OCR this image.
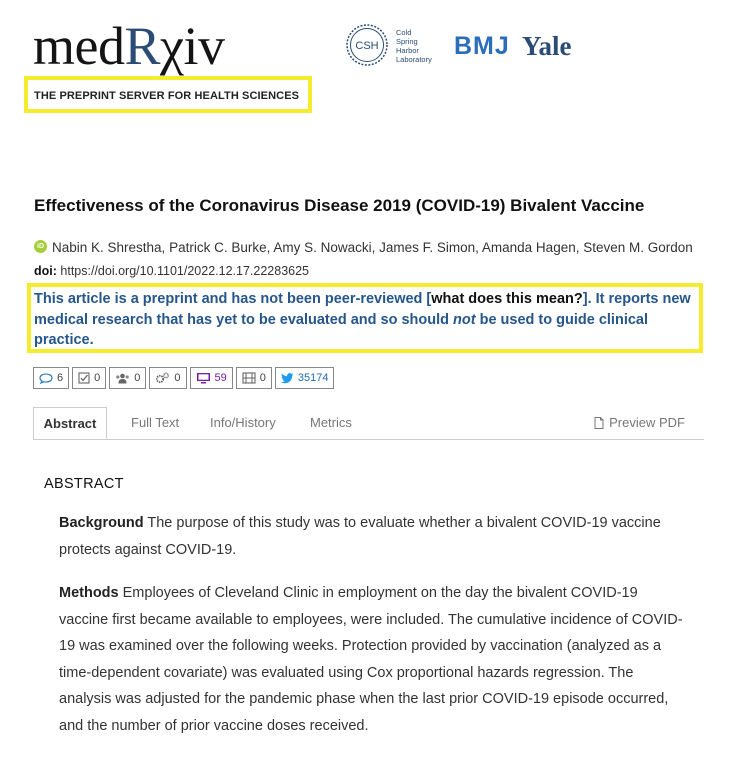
medRχiv
THE PREPRINT SERVER FOR HEALTH SCIENCES
CSH
Cold
Spring
Harbor
Laboratory BMJ Yale
Effectiveness of the Coronavirus Disease 2019 (COVID-19) Bivalent Vaccine
iD Nabin K. Shrestha, Patrick C. Burke, Amy S. Nowacki, James F. Simon, Amanda Hagen, Steven M. Gordon
doi: https://doi.org/10.1101/2022.12.17.22283625
This article is a preprint and has not been peer-reviewed [what does this mean?]. It reports new medical research that has yet to be evaluated and so should not be used to guide clinical practice.
6	0	0	0	59	0	35174
Abstract	Full Text Info/History	Metrics	Preview PDF
ABSTRACT
Background The purpose of this study was to evaluate whether a bivalent COVID-19 vaccine protects against COVID-19.
Methods Employees of Cleveland Clinic in employment on the day the bivalent COVID-19 vaccine first became available to employees, were included. The cumulative incidence of COVID-19 was examined over the following weeks. Protection provided by vaccination (analyzed as a time-dependent covariate) was evaluated using Cox proportional hazards regression. The analysis was adjusted for the pandemic phase when the last prior COVID-19 episode occurred, and the number of prior vaccine doses received.
